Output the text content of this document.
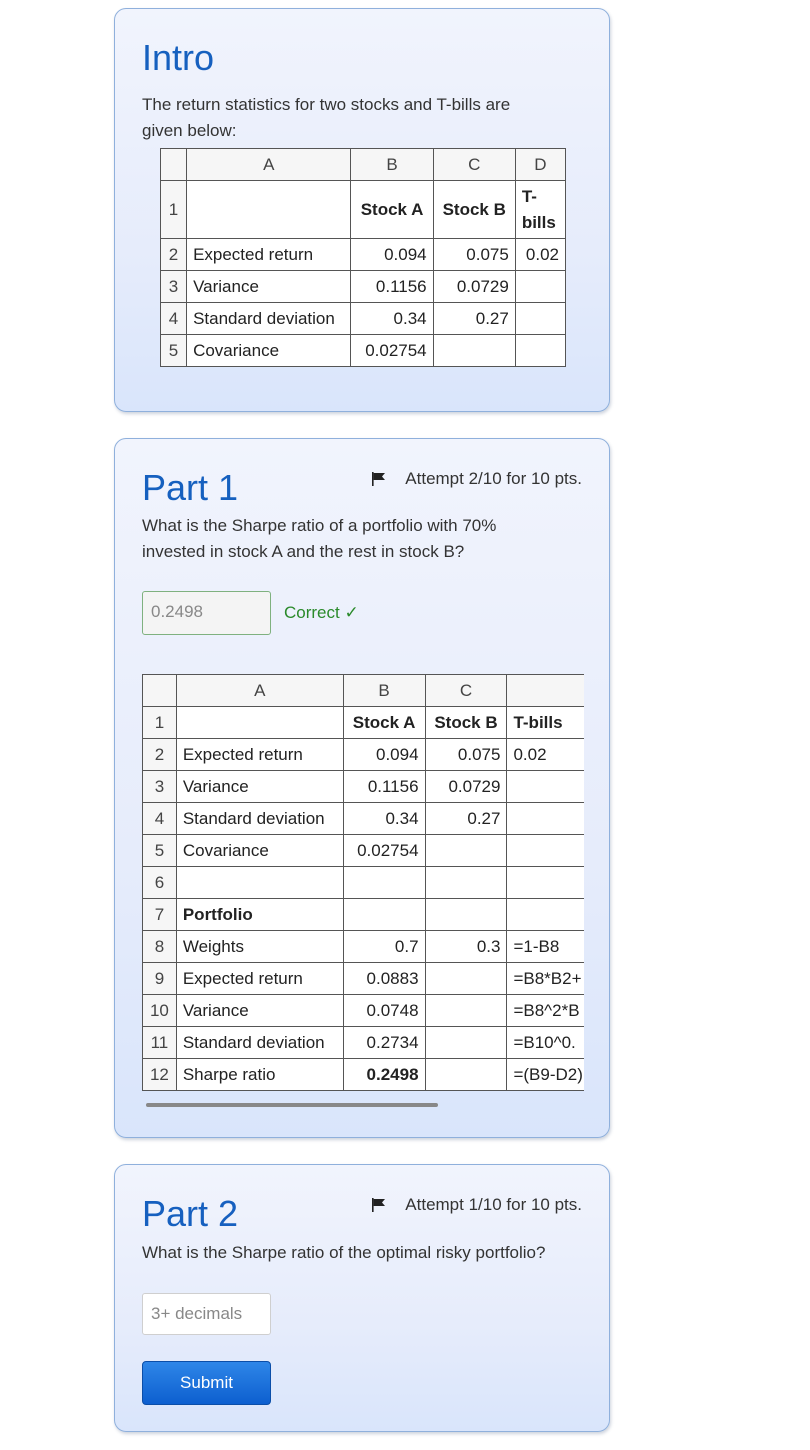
Intro
The return statistics for two stocks and T-bills are given below:
	A	B	C	D
1		Stock A	Stock B	T-bills
2	Expected return	0.094	0.075	0.02
3	Variance	0.1156	0.0729	
4	Standard deviation	0.34	0.27	
5	Covariance	0.02754		
Part 1	Attempt 2/10 for 10 pts.
What is the Sharpe ratio of a portfolio with 70% invested in stock A and the rest in stock B?
0.2498	Correct ✓
	A	B	C	
1		Stock A	Stock B	T-bills
2	Expected return	0.094	0.075	0.02
3	Variance	0.1156	0.0729	
4	Standard deviation	0.34	0.27	
5	Covariance	0.02754		
6				
7	Portfolio			
8	Weights	0.7	0.3	=1-B8
9	Expected return	0.0883		=B8*B2+
10	Variance	0.0748		=B8^2*B
11	Standard deviation	0.2734		=B10^0.
12	Sharpe ratio	0.2498		=(B9-D2)
Part 2	Attempt 1/10 for 10 pts.
What is the Sharpe ratio of the optimal risky portfolio?
3+ decimals
Submit
